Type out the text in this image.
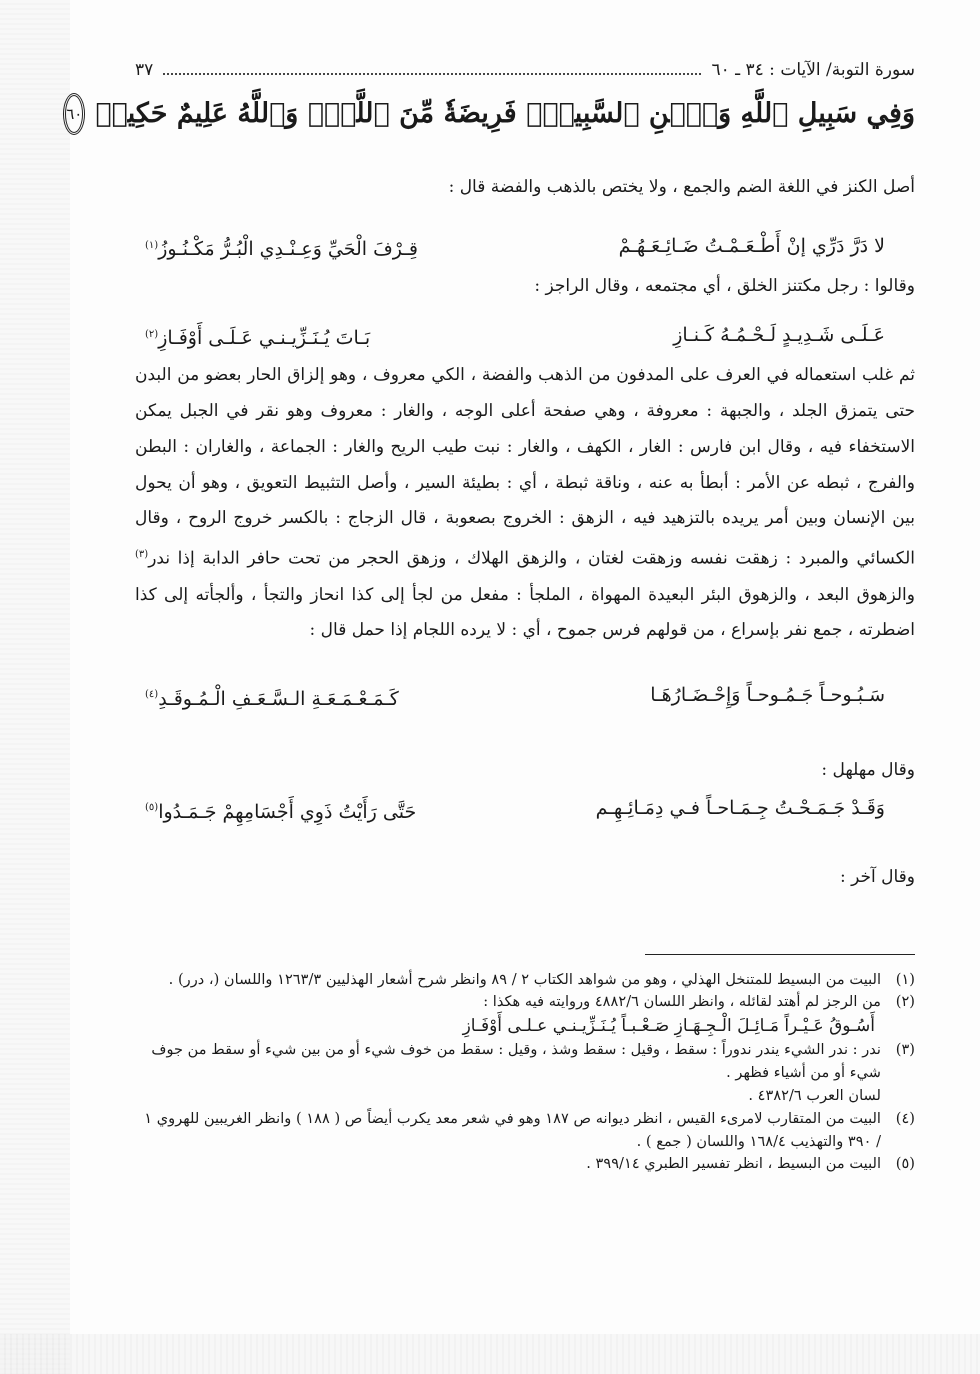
سورة التوبة/ الآيات : ٣٤ ـ ٦٠
٣٧
وَفِي سَبِيلِ ٱللَّهِ وَٱبۡنِ ٱلسَّبِيلِۖ فَرِيضَةٗ مِّنَ ٱللَّهِۗ وَٱللَّهُ عَلِيمٌ حَكِيمٞ
٦٠

أصل الكنز في اللغة الضم والجمع ، ولا يختص بالذهب والفضة قال :

لا دَرَّ دَرِّي إنْ أَطْـعَـمْـتُ ضَـائِـعَـهُـمْ
قِـرْفَ الْحَيِّ وَعِـنْـدِي الْبُـرُّ مَكْـنُـوزُ$^{(١)}$

وقالوا : رجل مكتنز الخلق ، أي مجتمعه ، وقال الراجز :

عَـلَـى شَـدِيـدٍ لَـحْـمُـهُ كَـنـازِ
بَـاتَ يُـنَـزِّيـنـي عَـلَـى أَوْفَـازِ$^{(٢)}$

ثم غلب استعماله في العرف على المدفون من الذهب والفضة ، الكي معروف ، وهو إلزاق الحار بعضو من البدن حتى يتمزق الجلد ، والجبهة : معروفة ، وهي صفحة أعلى الوجه ، والغار : معروف وهو نقر في الجبل يمكن الاستخفاء فيه ، وقال ابن فارس : الغار ، الكهف ، والغار : نبت طيب الريح والغار : الجماعة ، والغاران : البطن والفرج ، ثبطه عن الأمر : أبطأ به عنه ، وناقة ثبطة ، أي : بطيئة السير ، وأصل التثبيط التعويق ، وهو أن يحول بين الإنسان وبين أمر يريده بالتزهيد فيه ، الزهق : الخروج بصعوبة ، قال الزجاج : بالكسر خروج الروح ، وقال الكسائي والمبرد : زهقت نفسه وزهقت لغتان ، والزهق الهلاك ، وزهق الحجر من تحت حافر الدابة إذا ندر$^{(٣)}$ والزهوق البعد ، والزهوق البئر البعيدة المهواة ، الملجأ : مفعل من لجأ إلى كذا انحاز والتجأ ، وألجأته إلى كذا اضطرته ، جمع نفر بإسراع ، من قولهم فرس جموح ، أي : لا يرده اللجام إذا حمل قال :

سَـبُـوحـاً جَـمُـوحـاً وَإِحْـضَـارُهَـا
كَـمَـعْـمَـعَـةِ الـسَّـعَـفِ الْـمُـوقَـدِ$^{(٤)}$

وقال مهلهل :

وَقَـدْ جَـمَـحْـتُ جِـمَـاحـاً فـي دِمَـائِـهِـم
حَتَّى رَأَيْتُ ذَوِي أَجْسَامِهِمْ جَـمَـدُوا$^{(٥)}$

وقال آخر :

(١)
البيت من البسيط للمتنخل الهذلي ، وهو من شواهد الكتاب ٢ / ٨٩ وانظر شرح أشعار الهذليين ١٢٦٣/٣ واللسان (، درر) .
(٢)
من الرجز لم أهتد لقائله ، وانظر اللسان ٤٨٨٢/٦ وروايته فيه هكذا :
أَسُـوقُ عَـيْـراً مَـائِـلَ الْـجِـهَـازِ صَـعْـبـاً يُـنَـزِّيـنـي عـلـى أَوْفَـازِ
(٣)
ندر : ندر الشيء يندر ندوراً : سقط ، وقيل : سقط وشذ ، وقيل : سقط من خوف شيء أو من بين شيء أو سقط من جوف شيء أو من أشياء فظهر .
لسان العرب ٤٣٨٢/٦ .
(٤)
البيت من المتقارب لامرىء القيس ، انظر ديوانه ص ١٨٧ وهو في شعر معد يكرب أيضاً ص ( ١٨٨ ) وانظر الغريبين للهروي ١ / ٣٩٠ والتهذيب ١٦٨/٤ واللسان ( جمع ) .
(٥)
البيت من البسيط ، انظر تفسير الطبري ٣٩٩/١٤ .
